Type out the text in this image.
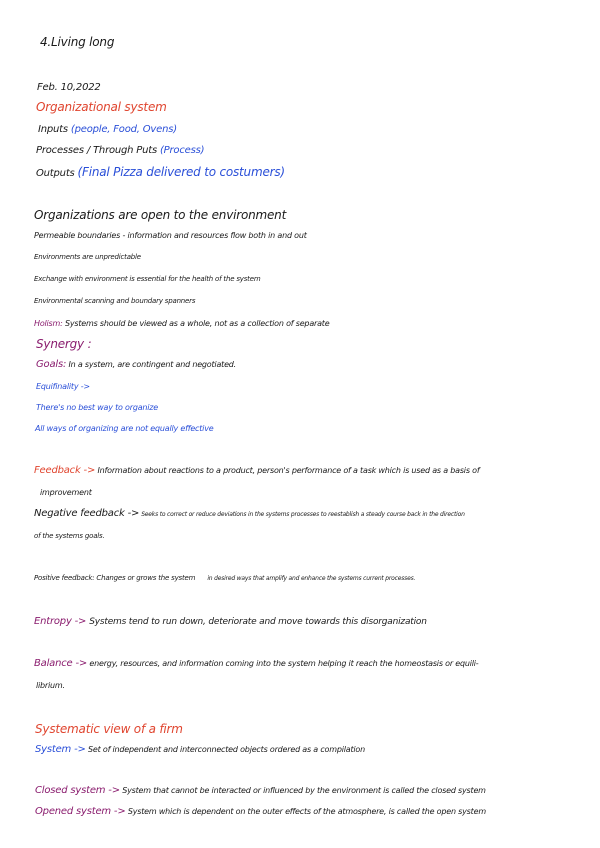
4.Living long
Feb. 10,2022
Organizational system
Inputs (people, Food, Ovens)
Processes / Through Puts (Process)
Outputs (Final Pizza delivered to costumers)
Organizations are open to the environment
Permeable boundaries - information and resources flow both in and out
Environments are unpredictable
Exchange with environment is essential for the health of the system
Environmental scanning and boundary spanners
Holism: Systems should be viewed as a whole, not as a collection of separate
Synergy :
Goals: In a system, are contingent and negotiated.
Equifinality ->
There's no best way to organize
All ways of organizing are not equally effective
Feedback -> Information about reactions to a product, person's performance of a task which is used as a basis of
improvement
Negative feedback -> Seeks to correct or reduce deviations in the systems processes to reestablish a steady course back in the direction
of the systems goals.
Positive feedback: Changes or grows the system in desired ways that amplify and enhance the systems current processes.
Entropy -> Systems tend to run down, deteriorate and move towards this disorganization
Balance -> energy, resources, and information coming into the system helping it reach the homeostasis or equili-
librium.
Systematic view of a firm
System -> Set of independent and interconnected objects ordered as a compilation
Closed system -> System that cannot be interacted or influenced by the environment is called the closed system
Opened system -> System which is dependent on the outer effects of the atmosphere, is called the open system
